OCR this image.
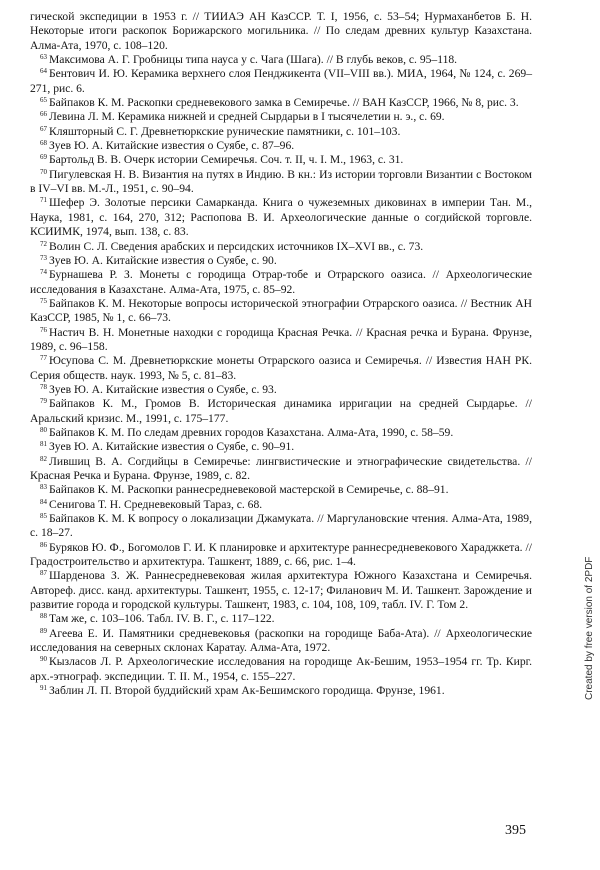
гической экспедиции в 1953 г. // ТИИАЭ АН КазССР. Т. I, 1956, с. 53–54; Нурмаханбетов Б. Н. Некоторые итоги раскопок Борижарского могильника. // По следам древних культур Казахстана. Алма-Ата, 1970, с. 108–120.

$^{63}$ Максимова А. Г. Гробницы типа науса у с. Чага (Шага). // В глубь веков, с. 95–118.

$^{64}$ Бентович И. Ю. Керамика верхнего слоя Пенджикента (VII–VIII вв.). МИА, 1964, № 124, с. 269–271, рис. 6.

$^{65}$ Байпаков К. М. Раскопки средневекового замка в Семиречье. // ВАН КазССР, 1966, № 8, рис. 3.

$^{66}$ Левина Л. М. Керамика нижней и средней Сырдарьи в I тысячелетии н. э., с. 69.

$^{67}$ Кляшторный С. Г. Древнетюркские рунические памятники, с. 101–103.

$^{68}$ Зуев Ю. А. Китайские известия о Суябе, с. 87–96.

$^{69}$ Бартольд В. В. Очерк истории Семиречья. Соч. т. II, ч. I. М., 1963, с. 31.

$^{70}$ Пигулевская Н. В. Византия на путях в Индию. В кн.: Из истории торговли Византии с Востоком в IV–VI вв. М.-Л., 1951, с. 90–94.

$^{71}$ Шефер Э. Золотые персики Самарканда. Книга о чужеземных диковинах в империи Тан. М., Наука, 1981, с. 164, 270, 312; Распопова В. И. Археологические данные о согдийской торговле. КСИИМК, 1974, вып. 138, с. 83.

$^{72}$ Волин С. Л. Сведения арабских и персидских источников IX–XVI вв., с. 73.

$^{73}$ Зуев Ю. А. Китайские известия о Суябе, с. 90.

$^{74}$ Бурнашева Р. З. Монеты с городища Отрар-тобе и Отрарского оазиса. // Археологические исследования в Казахстане. Алма-Ата, 1975, с. 85–92.

$^{75}$ Байпаков К. М. Некоторые вопросы исторической этнографии Отрарского оазиса. // Вестник АН КазССР, 1985, № 1, с. 66–73.

$^{76}$ Настич В. Н. Монетные находки с городища Красная Речка. // Красная речка и Бурана. Фрунзе, 1989, с. 96–158.

$^{77}$ Юсупова С. М. Древнетюркские монеты Отрарского оазиса и Семиречья. // Известия НАН РК. Серия обществ. наук. 1993, № 5, с. 81–83.

$^{78}$ Зуев Ю. А. Китайские известия о Суябе, с. 93.

$^{79}$ Байпаков К. М., Громов В. Историческая динамика ирригации на средней Сырдарье. // Аральский кризис. М., 1991, с. 175–177.

$^{80}$ Байпаков К. М. По следам древних городов Казахстана. Алма-Ата, 1990, с. 58–59.

$^{81}$ Зуев Ю. А. Китайские известия о Суябе, с. 90–91.

$^{82}$ Лившиц В. А. Согдийцы в Семиречье: лингвистические и этнографические свидетельства. // Красная Речка и Бурана. Фрунзе, 1989, с. 82.

$^{83}$ Байпаков К. М. Раскопки раннесредневековой мастерской в Семиречье, с. 88–91.

$^{84}$ Сенигова Т. Н. Средневековый Тараз, с. 68.

$^{85}$ Байпаков К. М. К вопросу о локализации Джамуката. // Маргулановские чтения. Алма-Ата, 1989, с. 18–27.

$^{86}$ Буряков Ю. Ф., Богомолов Г. И. К планировке и архитектуре раннесредневекового Хараджкета. // Градостроительство и архитектура. Ташкент, 1889, с. 66, рис. 1–4.

$^{87}$ Шарденова З. Ж. Раннесредневековая жилая архитектура Южного Казахстана и Семиречья. Автореф. дисс. канд. архитектуры. Ташкент, 1955, с. 12-17; Филанович М. И. Ташкент. Зарождение и развитие города и городской культуры. Ташкент, 1983, с. 104, 108, 109, табл. IV. Г. Том 2.

$^{88}$ Там же, с. 103–106. Табл. IV. В. Г., с. 117–122.

$^{89}$ Агеева Е. И. Памятники средневековья (раскопки на городище Баба-Ата). // Археологические исследования на северных склонах Каратау. Алма-Ата, 1972.

$^{90}$ Кызласов Л. Р. Археологические исследования на городище Ак-Бешим, 1953–1954 гг. Тр. Кирг. арх.-этнограф. экспедиции. Т. II. М., 1954, с. 155–227.

$^{91}$ Заблин Л. П. Второй буддийский храм Ак-Бешимского городища. Фрунзе, 1961.	Created by free version of 2PDF
395
